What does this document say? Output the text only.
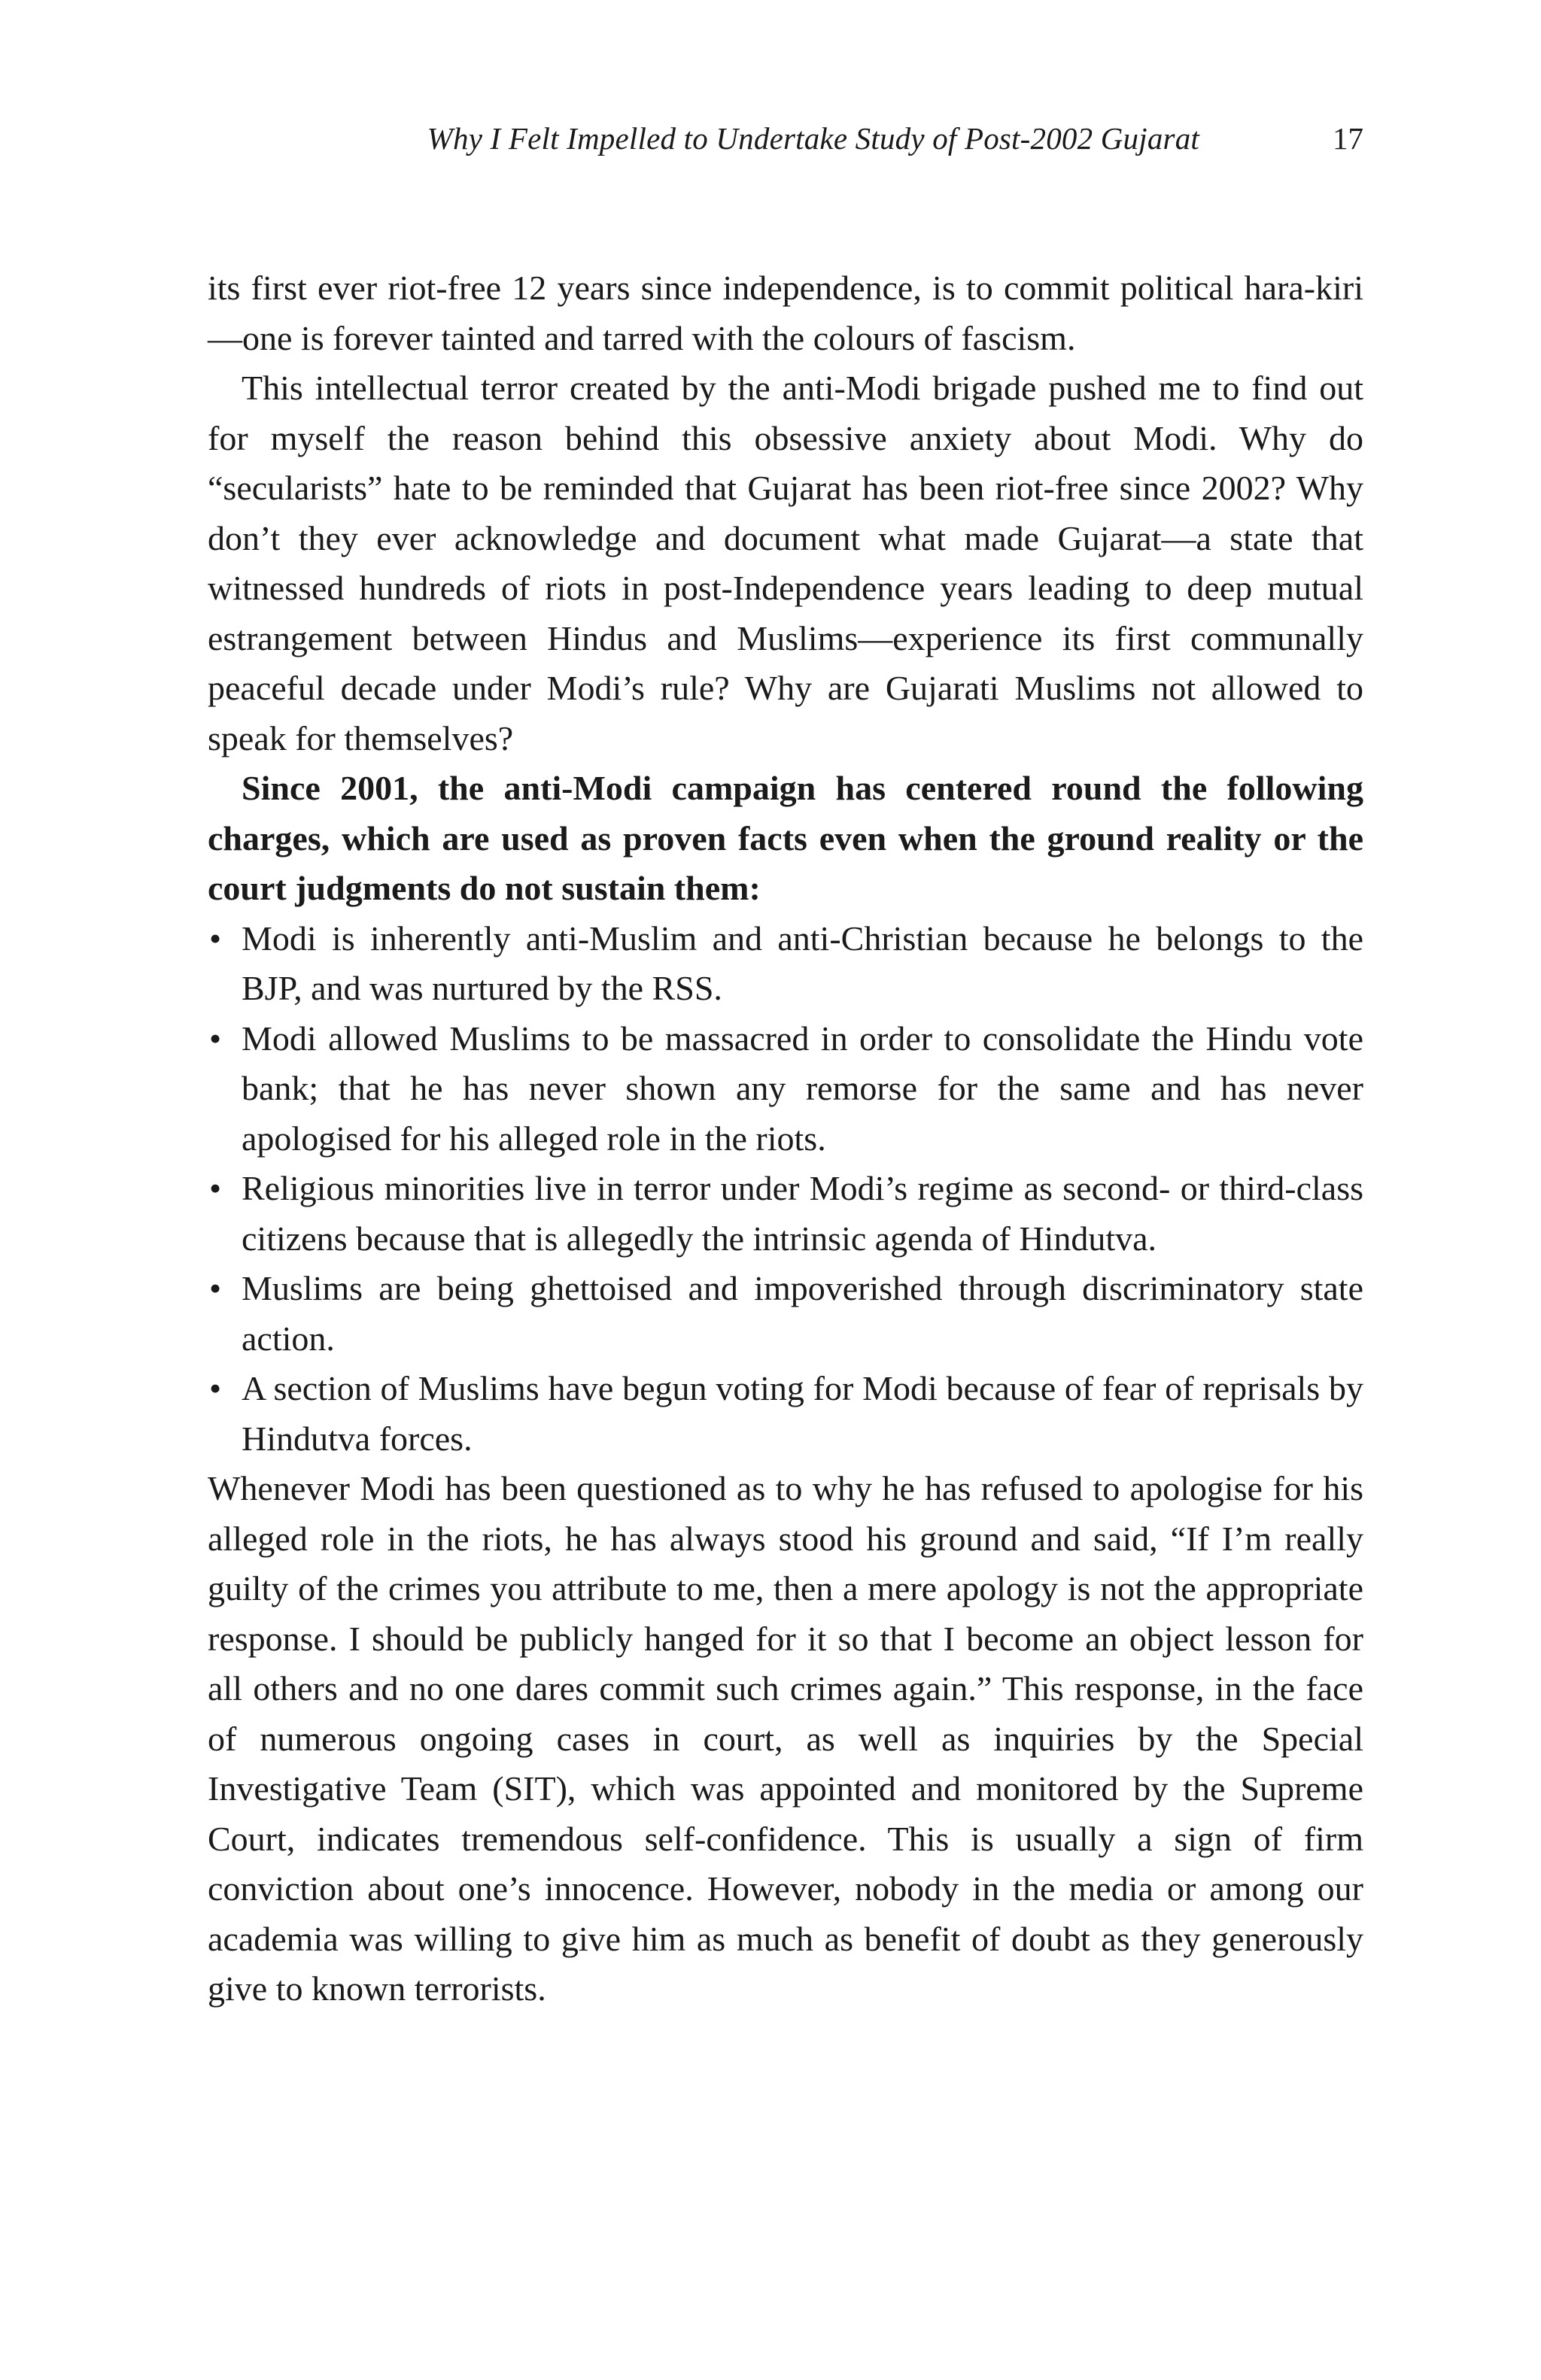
Why I Felt Impelled to Undertake Study of Post-2002 Gujarat	17

its first ever riot-free 12 years since independence, is to commit political hara-kiri—one is forever tainted and tarred with the colours of fascism.

This intellectual terror created by the anti-Modi brigade pushed me to find out for myself the reason behind this obsessive anxiety about Modi. Why do “secularists” hate to be reminded that Gujarat has been riot-free since 2002? Why don’t they ever acknowledge and document what made Gujarat—a state that witnessed hundreds of riots in post-Independence years leading to deep mutual estrangement between Hindus and Muslims—experience its first communally peaceful decade under Modi’s rule? Why are Gujarati Muslims not allowed to speak for themselves?

Since 2001, the anti-Modi campaign has centered round the following charges, which are used as proven facts even when the ground reality or the court judgments do not sustain them:

• Modi is inherently anti-Muslim and anti-Christian because he belongs to the BJP, and was nurtured by the RSS.
• Modi allowed Muslims to be massacred in order to consolidate the Hindu vote bank; that he has never shown any remorse for the same and has never apologised for his alleged role in the riots.
• Religious minorities live in terror under Modi’s regime as second- or third-class citizens because that is allegedly the intrinsic agenda of Hindutva.
• Muslims are being ghettoised and impoverished through discriminatory state action.
• A section of Muslims have begun voting for Modi because of fear of reprisals by Hindutva forces.

Whenever Modi has been questioned as to why he has refused to apologise for his alleged role in the riots, he has always stood his ground and said, “If I’m really guilty of the crimes you attribute to me, then a mere apology is not the appropriate response. I should be publicly hanged for it so that I become an object lesson for all others and no one dares commit such crimes again.” This response, in the face of numerous ongoing cases in court, as well as inquiries by the Special Investigative Team (SIT), which was appointed and monitored by the Supreme Court, indicates tremendous self-confidence. This is usually a sign of firm conviction about one’s innocence. However, nobody in the media or among our academia was willing to give him as much as benefit of doubt as they generously give to known terrorists.
